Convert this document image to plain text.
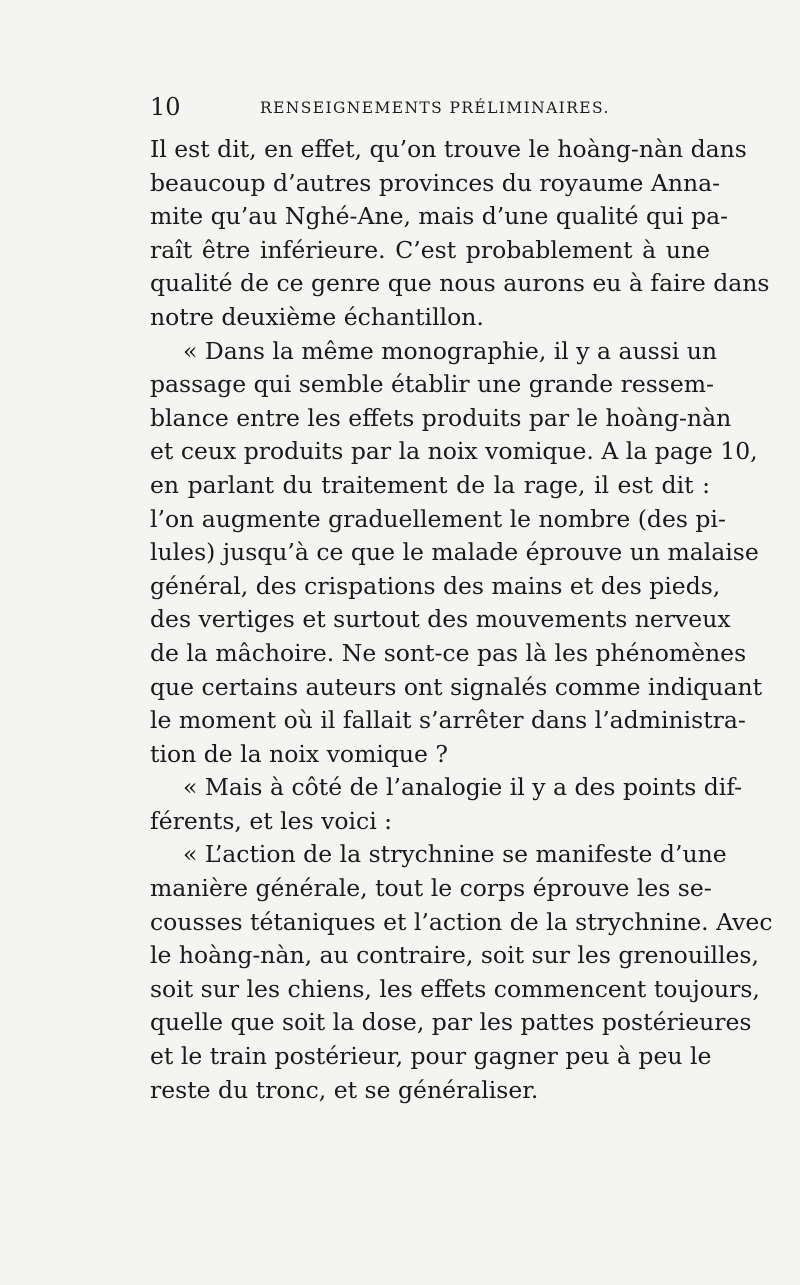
10	RENSEIGNEMENTS PRÉLIMINAIRES.
Il est dit, en effet, qu’on trouve le hoàng-nàn dans
beaucoup d’autres provinces du royaume Anna-
mite qu’au Nghé-Ane, mais d’une qualité qui pa-
raît être inférieure. C’est probablement à une
qualité de ce genre que nous aurons eu à faire dans
notre deuxième échantillon.
« Dans la même monographie, il y a aussi un
passage qui semble établir une grande ressem-
blance entre les effets produits par le hoàng-nàn
et ceux produits par la noix vomique. A la page 10,
en parlant du traitement de la rage, il est dit :
l’on augmente graduellement le nombre (des pi-
lules) jusqu’à ce que le malade éprouve un malaise
général, des crispations des mains et des pieds,
des vertiges et surtout des mouvements nerveux
de la mâchoire. Ne sont-ce pas là les phénomènes
que certains auteurs ont signalés comme indiquant
le moment où il fallait s’arrêter dans l’administra-
tion de la noix vomique ?
« Mais à côté de l’analogie il y a des points dif-
férents, et les voici :
« L’action de la strychnine se manifeste d’une
manière générale, tout le corps éprouve les se-
cousses tétaniques et l’action de la strychnine. Avec
le hoàng-nàn, au contraire, soit sur les grenouilles,
soit sur les chiens, les effets commencent toujours,
quelle que soit la dose, par les pattes postérieures
et le train postérieur, pour gagner peu à peu le
reste du tronc, et se généraliser.
